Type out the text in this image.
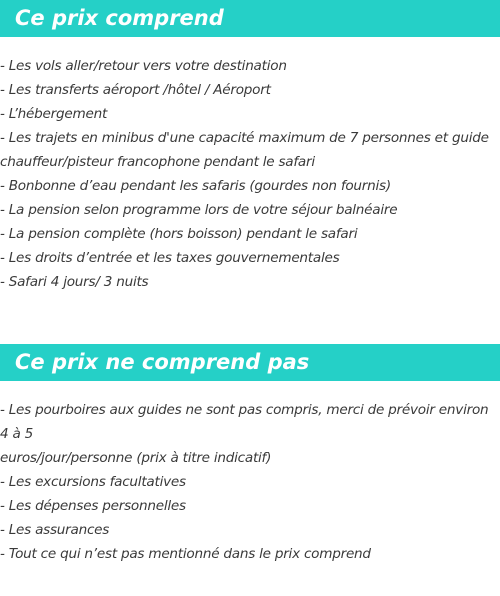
Ce prix comprend
- Les vols aller/retour vers votre destination
- Les transferts aéroport /hôtel / Aéroport
- L’hébergement
- Les trajets en minibus d'une capacité maximum de 7 personnes et guide
chauffeur/pisteur francophone pendant le safari
- Bonbonne d’eau pendant les safaris (gourdes non fournis)
- La pension selon programme lors de votre séjour balnéaire
- La pension complète (hors boisson) pendant le safari
- Les droits d’entrée et les taxes gouvernementales
- Safari 4 jours/ 3 nuits
Ce prix ne comprend pas
- Les pourboires aux guides ne sont pas compris, merci de prévoir environ 4 à 5
euros/jour/personne (prix à titre indicatif)
- Les excursions facultatives
- Les dépenses personnelles
- Les assurances
- Tout ce qui n’est pas mentionné dans le prix comprend
